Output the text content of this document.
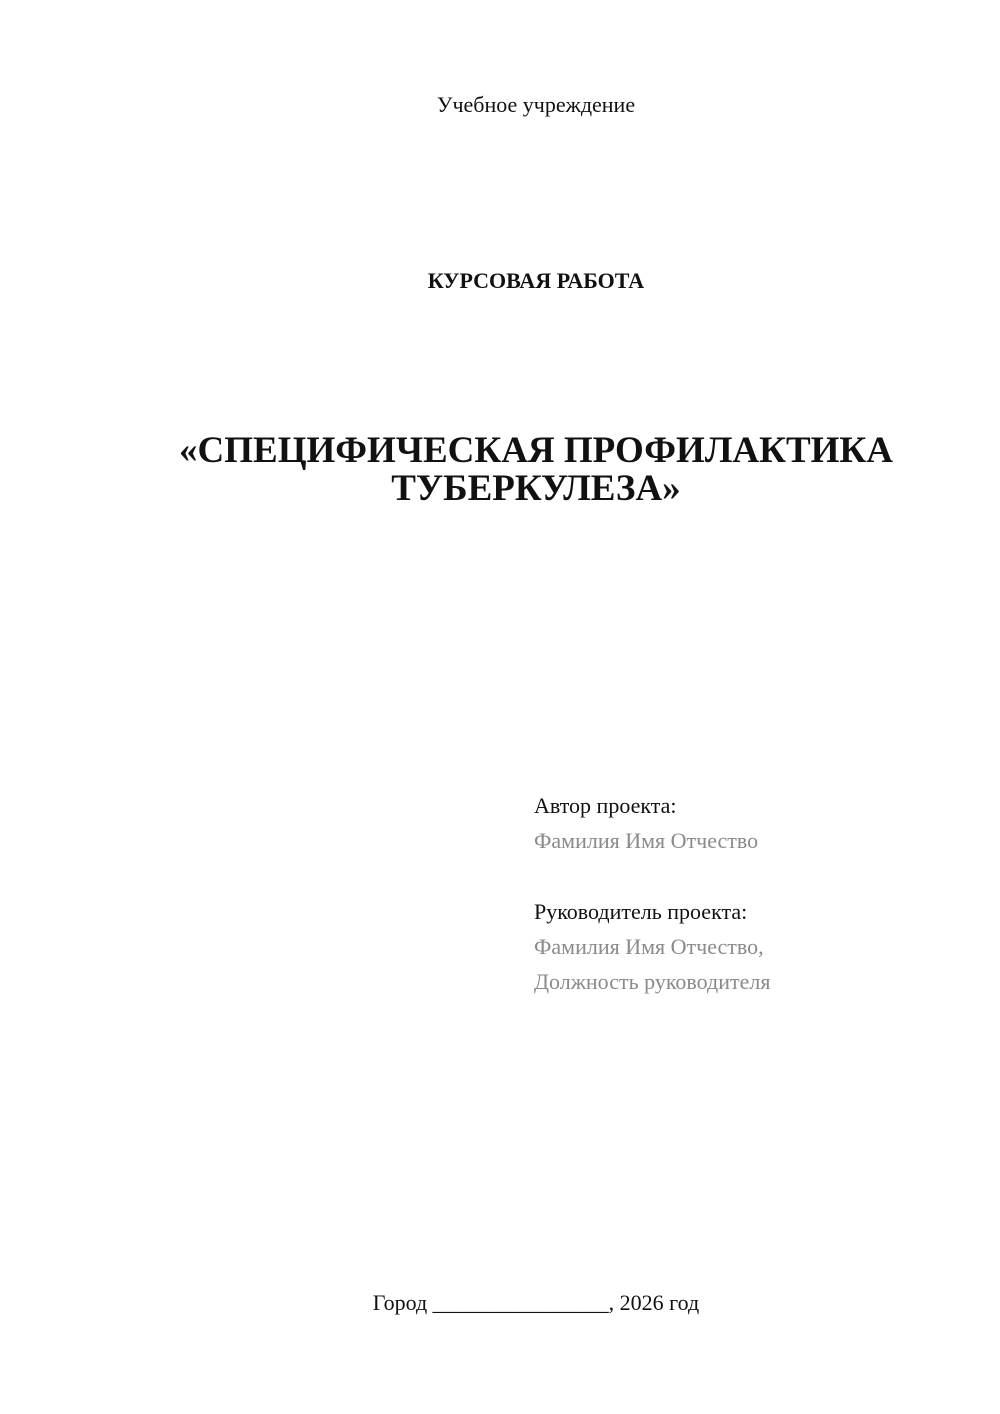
Учебное учреждение
КУРСОВАЯ РАБОТА
«СПЕЦИФИЧЕСКАЯ ПРОФИЛАКТИКА
ТУБЕРКУЛЕЗА»
Автор проекта:
Фамилия Имя Отчество
Руководитель проекта:
Фамилия Имя Отчество,
Должность руководителя
Город ________________, 2026 год
